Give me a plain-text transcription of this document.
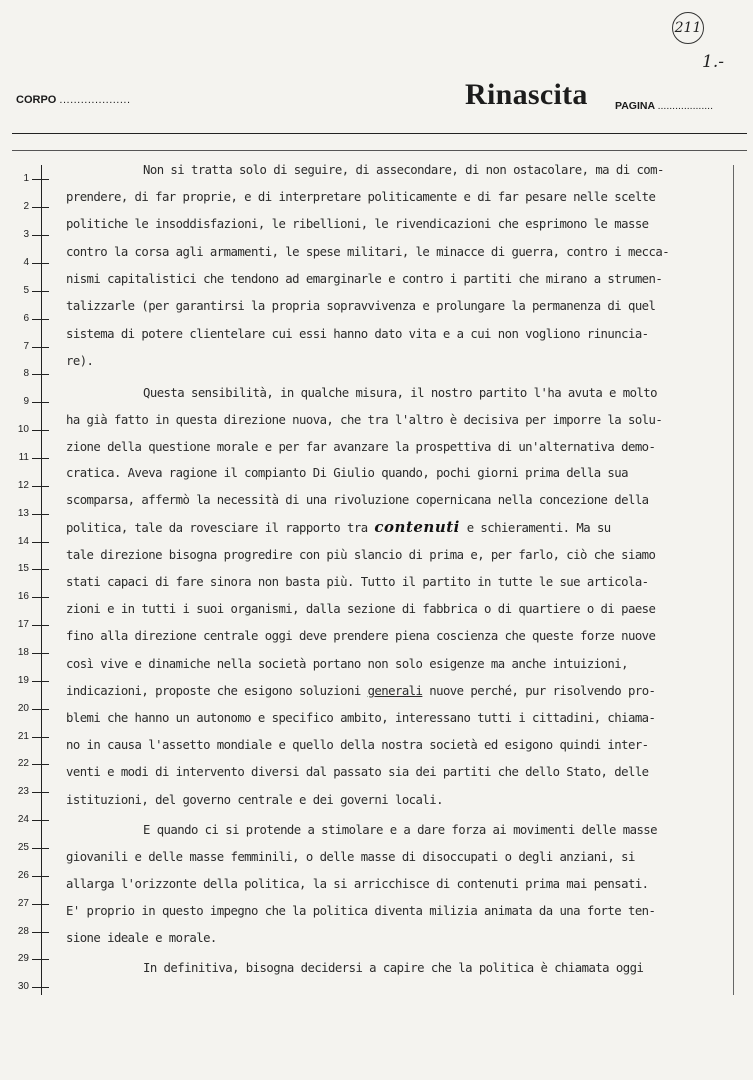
211
1.-
CORPO ....................	Rinascita	PAGINA ...................
1
2
3
4
5
6
7
8
9
10
11
12
13
14
15
16
17
18
19
20
21
22
23
24
25
26
27
28
29
30
Non si tratta solo di seguire, di assecondare, di non ostacolare, ma di com-
prendere, di far proprie, e di interpretare politicamente e di far pesare nelle scelte
politiche le insoddisfazioni, le ribellioni, le rivendicazioni che esprimono le masse
contro la corsa agli armamenti, le spese militari, le minacce di guerra, contro i mecca-
nismi capitalistici che tendono ad emarginarle e contro i partiti che mirano a strumen-
talizzarle (per garantirsi la propria sopravvivenza e prolungare la permanenza di quel
sistema di potere clientelare cui essi hanno dato vita e a cui non vogliono rinuncia-
re).
Questa sensibilità, in qualche misura, il nostro partito l'ha avuta e molto
ha già fatto in questa direzione nuova, che tra l'altro è decisiva per imporre la solu-
zione della questione morale e per far avanzare la prospettiva di un'alternativa demo-
cratica. Aveva ragione il compianto Di Giulio quando, pochi giorni prima della sua
scomparsa, affermò la necessità di una rivoluzione copernicana nella concezione della
politica, tale da rovesciare il rapporto tra contenuti e schieramenti. Ma su
tale direzione bisogna progredire con più slancio di prima e, per farlo, ciò che siamo
stati capaci di fare sinora non basta più. Tutto il partito in tutte le sue articola-
zioni e in tutti i suoi organismi, dalla sezione di fabbrica o di quartiere o di paese
fino alla direzione centrale oggi deve prendere piena coscienza che queste forze nuove
così vive e dinamiche nella società portano non solo esigenze ma anche intuizioni,
indicazioni, proposte che esigono soluzioni generali nuove perché, pur risolvendo pro-
blemi che hanno un autonomo e specifico ambito, interessano tutti i cittadini, chiama-
no in causa l'assetto mondiale e quello della nostra società ed esigono quindi inter-
venti e modi di intervento diversi dal passato sia dei partiti che dello Stato, delle
istituzioni, del governo centrale e dei governi locali.
E quando ci si protende a stimolare e a dare forza ai movimenti delle masse
giovanili e delle masse femminili, o delle masse di disoccupati o degli anziani, si
allarga l'orizzonte della politica, la si arricchisce di contenuti prima mai pensati.
E' proprio in questo impegno che la politica diventa milizia animata da una forte ten-
sione ideale e morale.
In definitiva, bisogna decidersi a capire che la politica è chiamata oggi
